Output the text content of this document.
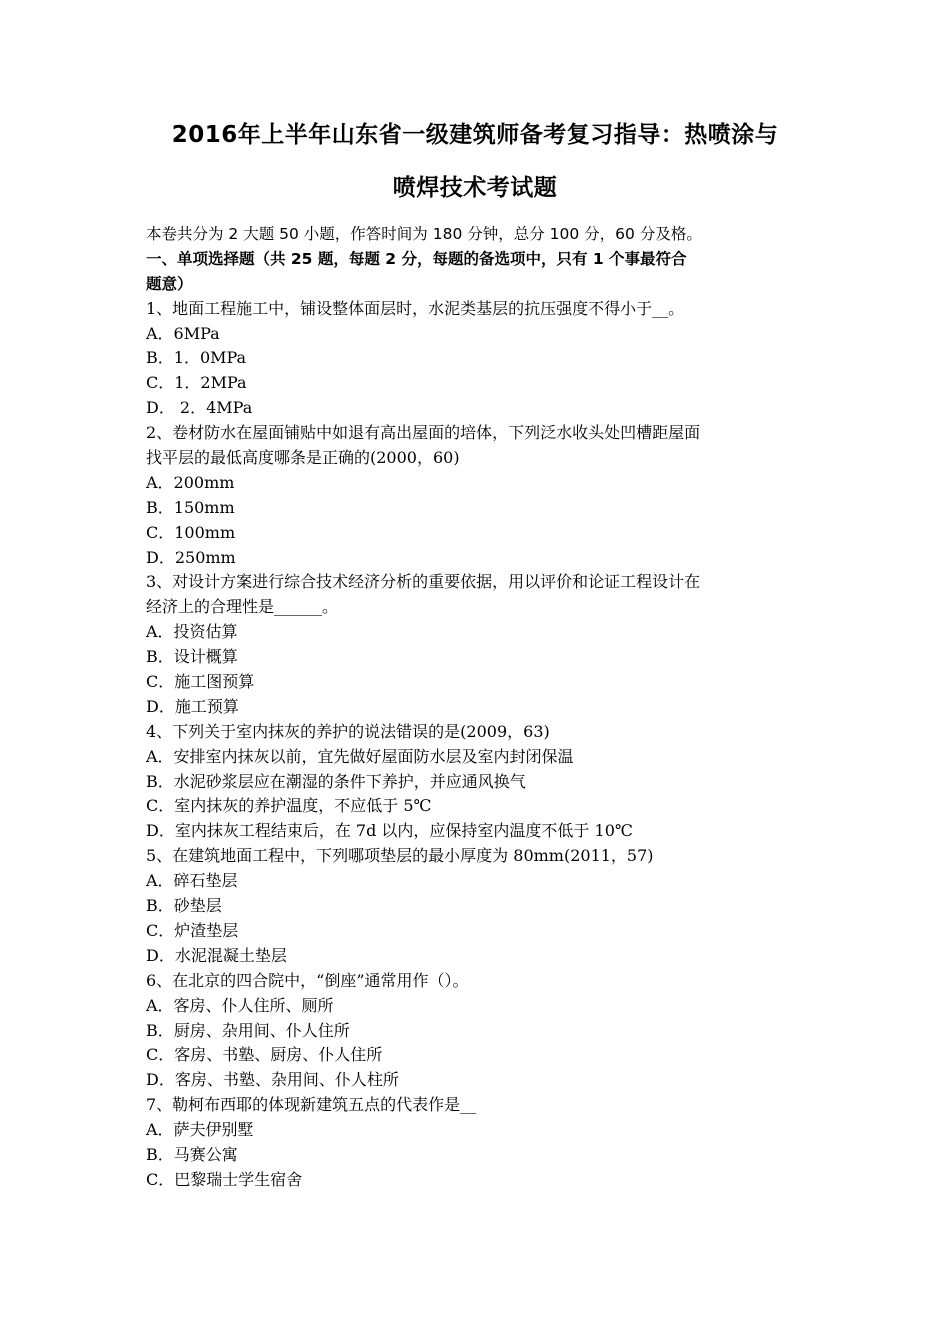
2016年上半年山东省一级建筑师备考复习指导：热喷涂与
喷焊技术考试题
本卷共分为 2 大题 50 小题，作答时间为 180 分钟，总分 100 分，60 分及格。
一、单项选择题（共 25 题，每题 2 分，每题的备选项中，只有 1 个事最符合
题意）
1、地面工程施工中，铺设整体面层时，水泥类基层的抗压强度不得小于__。
A．6MPa
B．1．0MPa
C．1．2MPa
D． 2．4MPa
2、卷材防水在屋面铺贴中如退有高出屋面的培体，下列泛水收头处凹槽距屋面
找平层的最低高度哪条是正确的(2000，60)
A．200mm
B．150mm
C．100mm
D．250mm
3、对设计方案进行综合技术经济分析的重要依据，用以评价和论证工程设计在
经济上的合理性是______。
A．投资估算
B．设计概算
C．施工图预算
D．施工预算
4、下列关于室内抹灰的养护的说法错误的是(2009，63)
A．安排室内抹灰以前，宜先做好屋面防水层及室内封闭保温
B．水泥砂浆层应在潮湿的条件下养护，并应通风换气
C．室内抹灰的养护温度，不应低于 5℃
D．室内抹灰工程结束后，在 7d 以内，应保持室内温度不低于 10℃
5、在建筑地面工程中，下列哪项垫层的最小厚度为 80mm(2011，57)
A．碎石垫层
B．砂垫层
C．炉渣垫层
D．水泥混凝土垫层
6、在北京的四合院中，“倒座”通常用作（）。
A．客房、仆人住所、厕所
B．厨房、杂用间、仆人住所
C．客房、书塾、厨房、仆人住所
D．客房、书塾、杂用间、仆人柱所
7、勒柯布西耶的体现新建筑五点的代表作是__
A．萨夫伊别墅
B．马赛公寓
C．巴黎瑞士学生宿舍
